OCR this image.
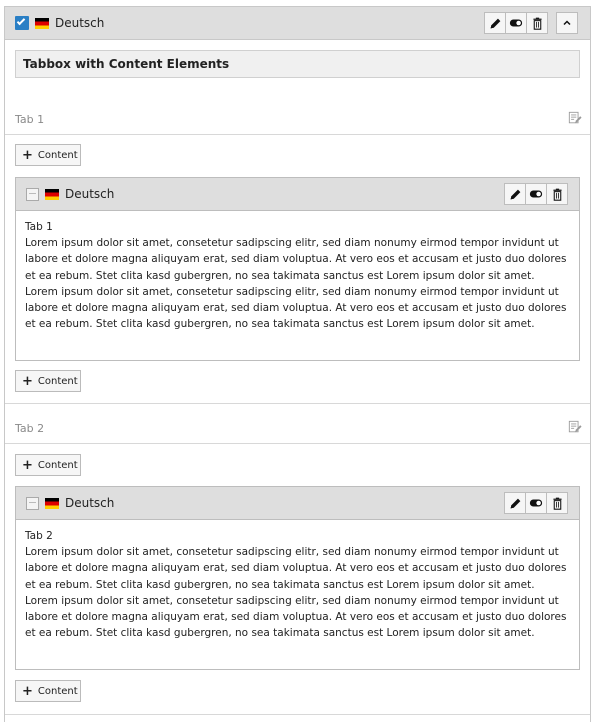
Deutsch
Tabbox with Content Elements
Tab 1
+ Content
Deutsch
Tab 1
Lorem ipsum dolor sit amet, consetetur sadipscing elitr, sed diam nonumy eirmod tempor invidunt ut labore et dolore magna aliquyam erat, sed diam voluptua. At vero eos et accusam et justo duo dolores et ea rebum. Stet clita kasd gubergren, no sea takimata sanctus est Lorem ipsum dolor sit amet. Lorem ipsum dolor sit amet, consetetur sadipscing elitr, sed diam nonumy eirmod tempor invidunt ut labore et dolore magna aliquyam erat, sed diam voluptua. At vero eos et accusam et justo duo dolores et ea rebum. Stet clita kasd gubergren, no sea takimata sanctus est Lorem ipsum dolor sit amet.
+ Content
Tab 2
+ Content
Deutsch
Tab 2
Lorem ipsum dolor sit amet, consetetur sadipscing elitr, sed diam nonumy eirmod tempor invidunt ut labore et dolore magna aliquyam erat, sed diam voluptua. At vero eos et accusam et justo duo dolores et ea rebum. Stet clita kasd gubergren, no sea takimata sanctus est Lorem ipsum dolor sit amet. Lorem ipsum dolor sit amet, consetetur sadipscing elitr, sed diam nonumy eirmod tempor invidunt ut labore et dolore magna aliquyam erat, sed diam voluptua. At vero eos et accusam et justo duo dolores et ea rebum. Stet clita kasd gubergren, no sea takimata sanctus est Lorem ipsum dolor sit amet.
+ Content
